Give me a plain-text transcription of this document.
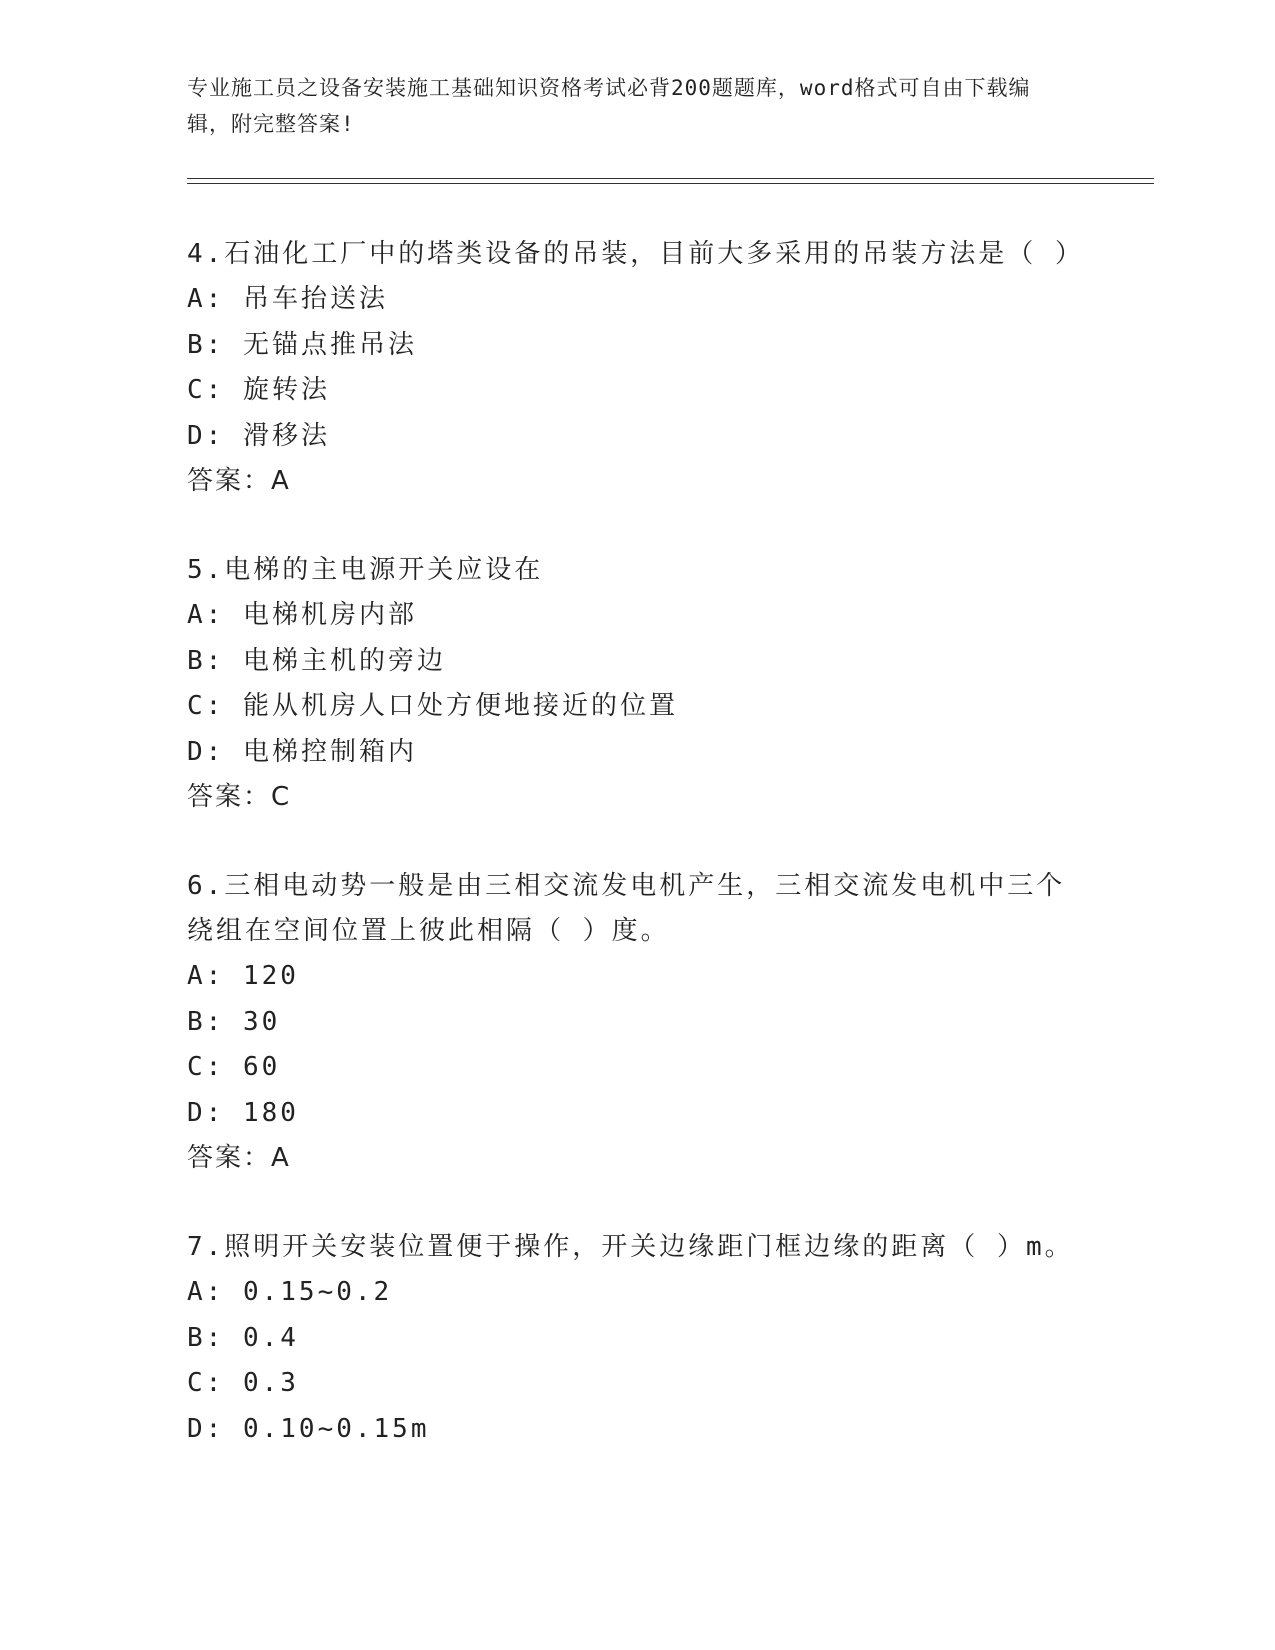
专业施工员之设备安装施工基础知识资格考试必背200题题库，word格式可自由下载编辑，附完整答案!
4.石油化工厂中的塔类设备的吊装，目前大多采用的吊装方法是（ ）
A: 吊车抬送法
B: 无锚点推吊法
C: 旋转法
D: 滑移法
答案：A
5.电梯的主电源开关应设在
A: 电梯机房内部
B: 电梯主机的旁边
C: 能从机房人口处方便地接近的位置
D: 电梯控制箱内
答案：C
6.三相电动势一般是由三相交流发电机产生，三相交流发电机中三个绕组在空间位置上彼此相隔（ ）度。
A: 120
B: 30
C: 60
D: 180
答案：A
7.照明开关安装位置便于操作，开关边缘距门框边缘的距离（ ）m。
A: 0.15~0.2
B: 0.4
C: 0.3
D: 0.10~0.15m
